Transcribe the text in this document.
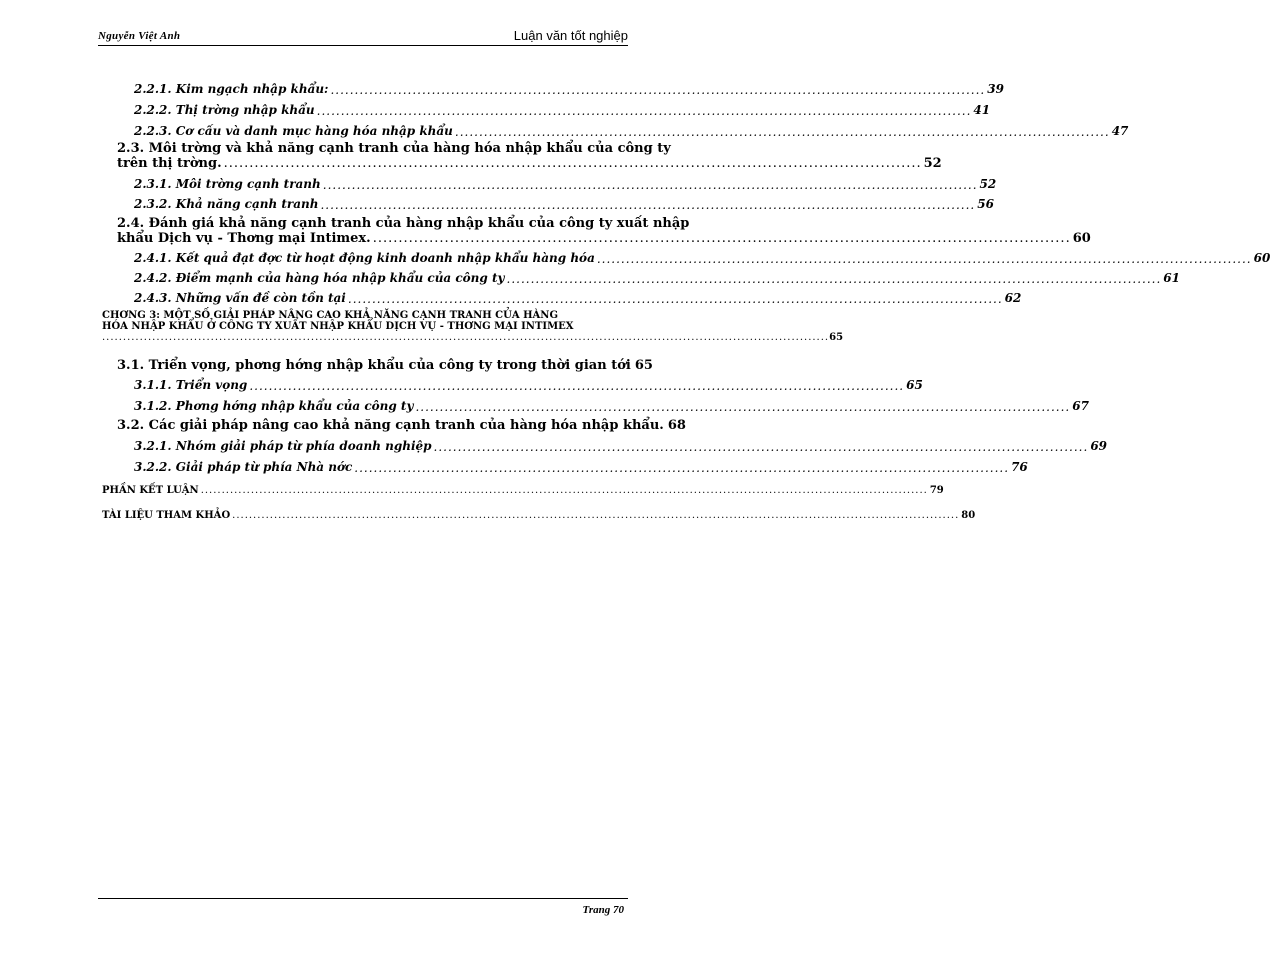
Nguyễn Việt Anh	Luận văn tốt nghiệp
2.2.1. Kim ngạch nhập khẩu: ........................................................................................................................................ 39
2.2.2. Thị trờng nhập khẩu ........................................................................................................................................ 41
2.2.3. Cơ cấu và danh mục hàng hóa nhập khẩu ........................................................................................................................................ 47
2.3. Môi trờng và khả năng cạnh tranh của hàng hóa nhập khẩu của công ty
trên thị trờng. ........................................................................................................................................ 52
2.3.1. Môi trờng cạnh tranh ........................................................................................................................................ 52
2.3.2. Khả năng cạnh tranh ........................................................................................................................................ 56
2.4. Đánh giá khả năng cạnh tranh của hàng nhập khẩu của công ty xuất nhập
khẩu Dịch vụ - Thơng mại Intimex. ........................................................................................................................................ 60
2.4.1. Kết quả đạt đợc từ hoạt động kinh doanh nhập khẩu hàng hóa ........................................................................................................................................ 60
2.4.2. Điểm mạnh của hàng hóa nhập khẩu của công ty ........................................................................................................................................ 61
2.4.3. Những vấn đề còn tồn tại ........................................................................................................................................ 62
CHƠNG 3: MỘT SỐ GIẢI PHÁP NÂNG CAO KHẢ NĂNG CẠNH TRANH CỦA HÀNG
HÓA NHẬP KHẨU Ở CÔNG TY XUẤT NHẬP KHẨU DỊCH VỤ - THƠNG MẠI INTIMEX
.............................................................................................................................................................................. 65
3.1. Triển vọng, phơng hớng nhập khẩu của công ty trong thời gian tới 65
3.1.1. Triển vọng ........................................................................................................................................ 65
3.1.2. Phơng hớng nhập khẩu của công ty ........................................................................................................................................ 67
3.2. Các giải pháp nâng cao khả năng cạnh tranh của hàng hóa nhập khẩu. 68
3.2.1. Nhóm giải pháp từ phía doanh nghiệp ........................................................................................................................................ 69
3.2.2. Giải pháp từ phía Nhà nớc ........................................................................................................................................ 76
PHẦN KẾT LUẬN .............................................................................................................................................................................. 79
TÀI LIỆU THAM KHẢO .............................................................................................................................................................................. 80
Trang 70
